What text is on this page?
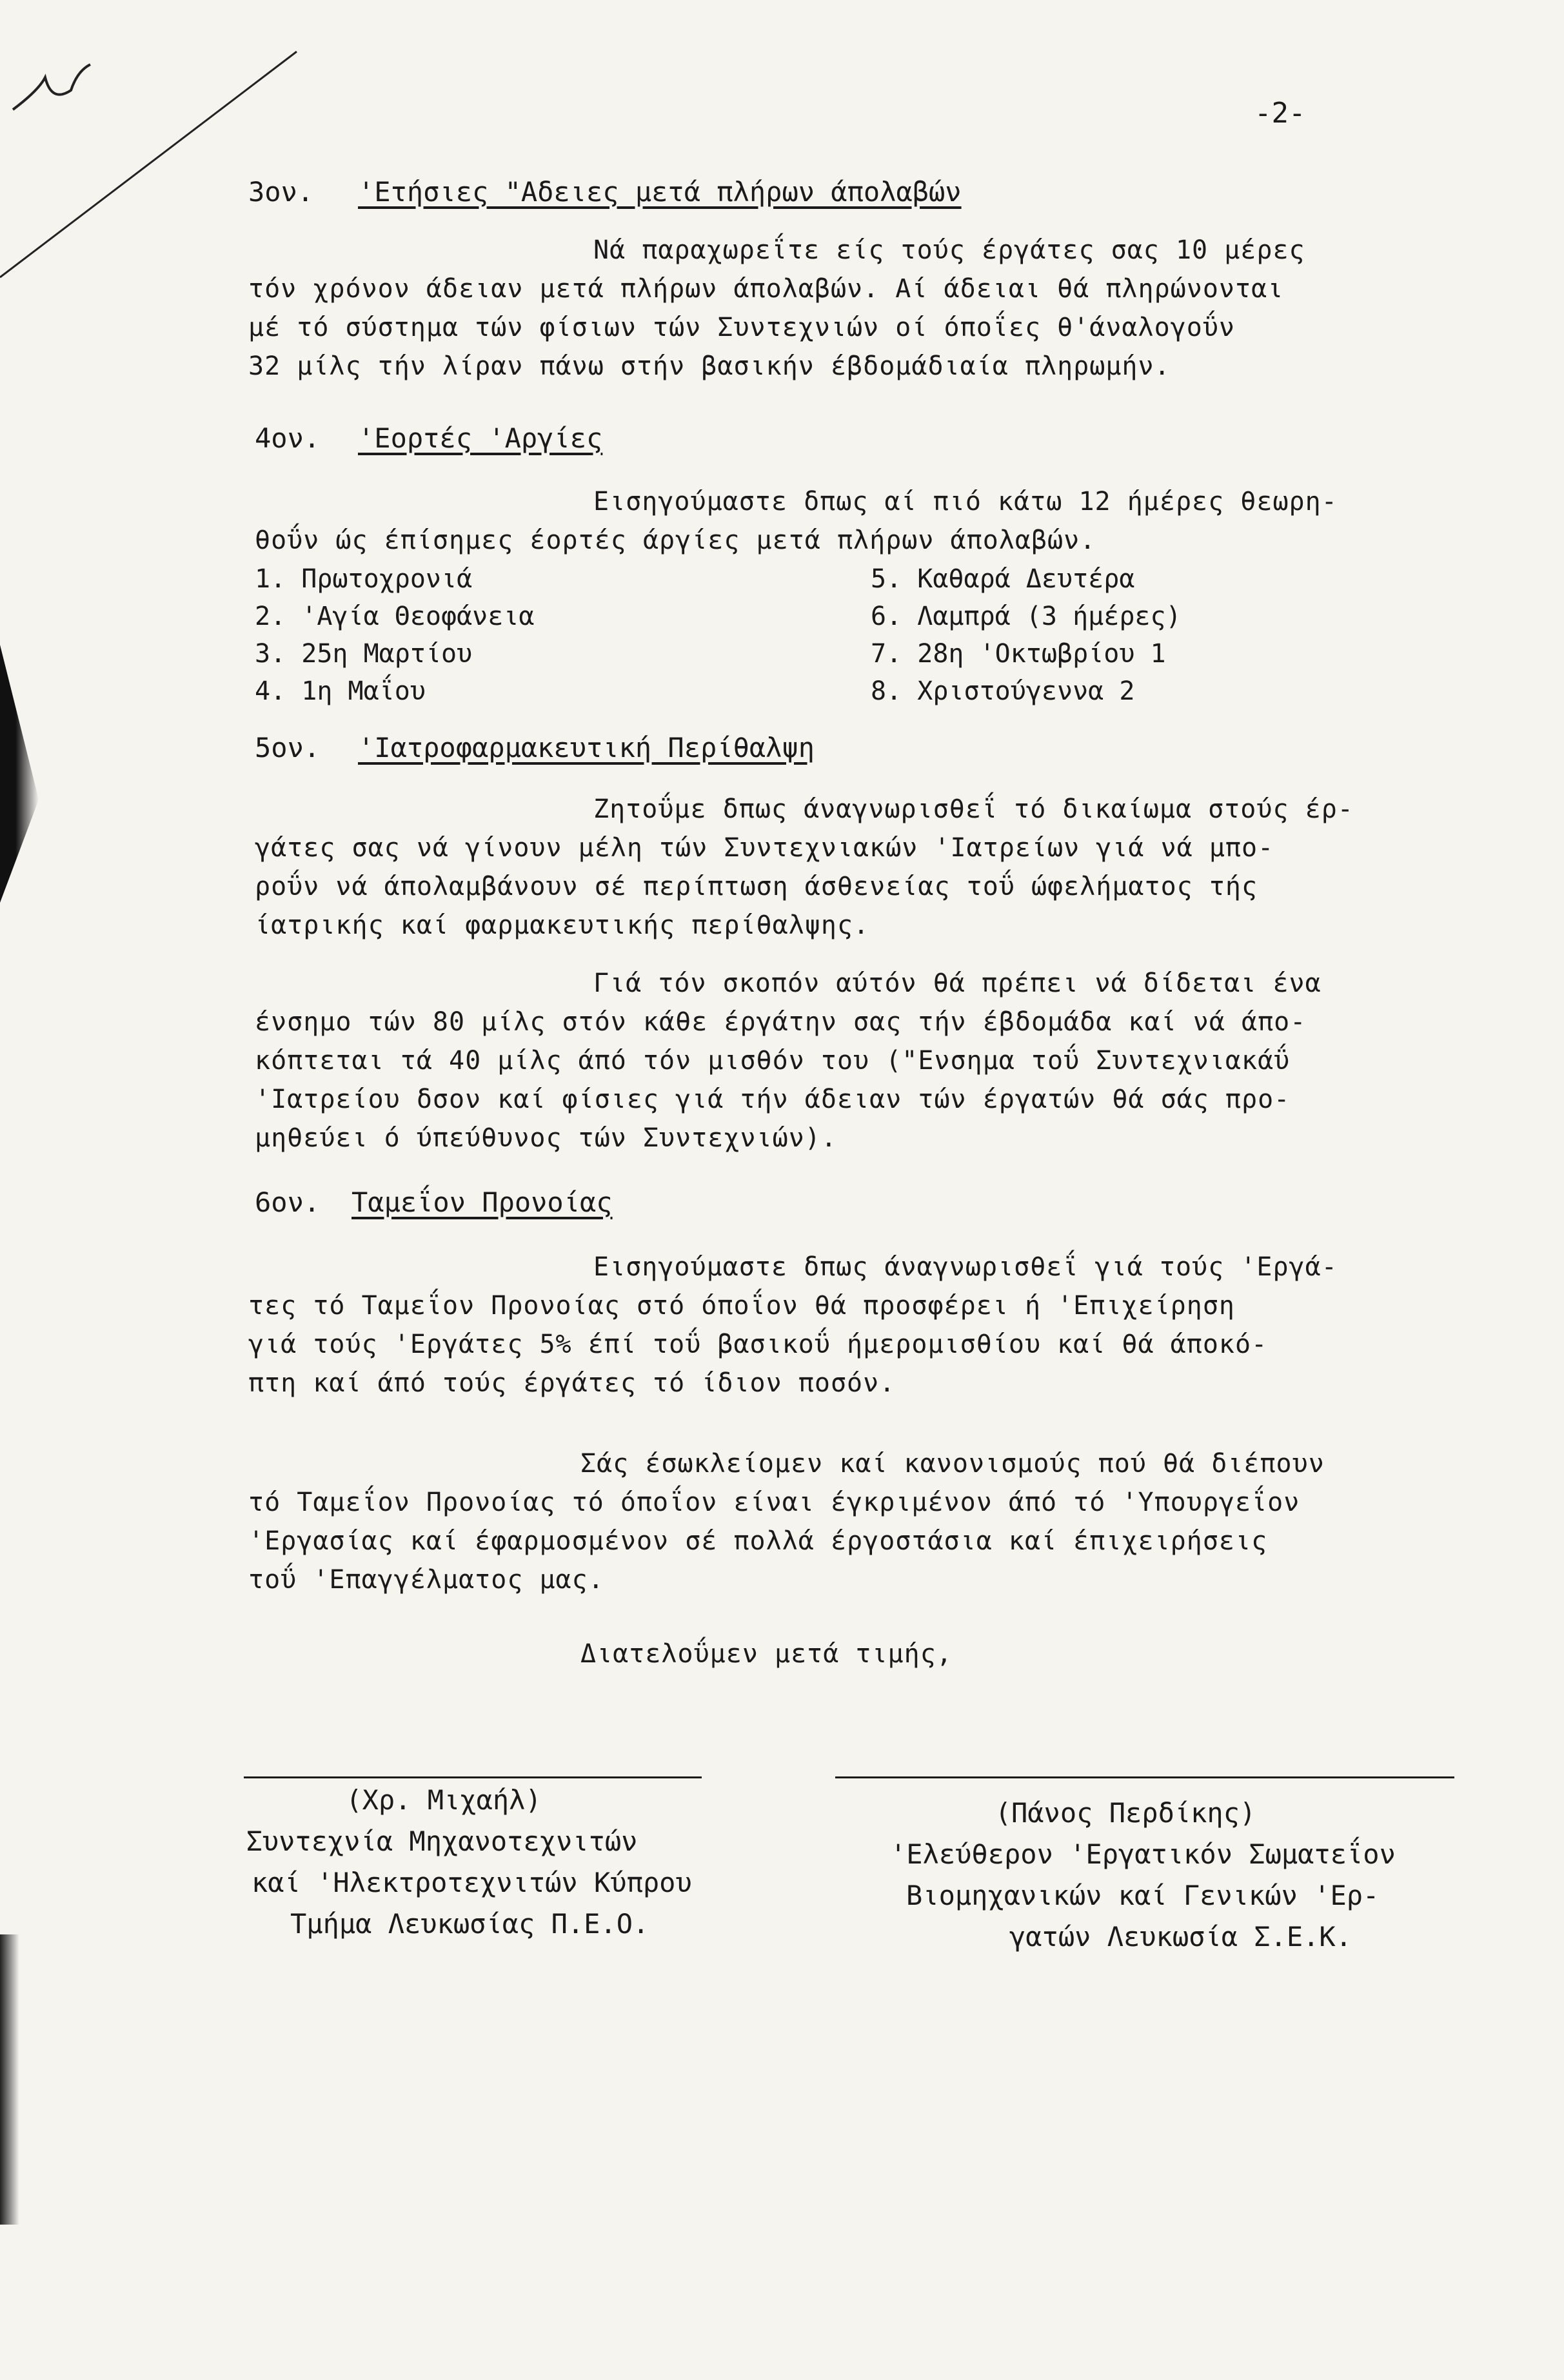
-2-
3ον. 'Ετήσιες "Αδειες μετά πλήρων άπολαβών
Νά παραχωρεΐτε είς τούς έργάτες σας 10 μέρες
τόν χρόνον άδειαν μετά πλήρων άπολαβών. Αί άδειαι θά πληρώνονται
μέ τό σύστημα τών φίσιων τών Συντεχνιών οί όποΐες θ'άναλογοΰν
32 μίλς τήν λίραν πάνω στήν βασικήν έβδομάδιαία πληρωμήν.
4ον. 'Εορτές 'Αργίες
Εισηγούμαστε δπως αί πιό κάτω 12 ήμέρες θεωρη-
θοΰν ώς έπίσημες έορτές άργίες μετά πλήρων άπολαβών.
1. Πρωτοχρονιά
2. 'Αγία Θεοφάνεια
3. 25η Μαρτίου
4. 1η Μαΐου
5. Καθαρά Δευτέρα
6. Λαμπρά (3 ήμέρες)
7. 28η 'Οκτωβρίου 1
8. Χριστούγεννα 2
5ον. 'Ιατροφαρμακευτική Περίθαλψη
Ζητοΰμε δπως άναγνωρισθεΐ τό δικαίωμα στούς έρ-
γάτες σας νά γίνουν μέλη τών Συντεχνιακών 'Ιατρείων γιά νά μπο-
ροΰν νά άπολαμβάνουν σέ περίπτωση άσθενείας τοΰ ώφελήματος τής
ίατρικής καί φαρμακευτικής περίθαλψης.
Γιά τόν σκοπόν αύτόν θά πρέπει νά δίδεται ένα
ένσημο τών 80 μίλς στόν κάθε έργάτην σας τήν έβδομάδα καί νά άπο-
κόπτεται τά 40 μίλς άπό τόν μισθόν του ("Ενσημα τοΰ Συντεχνιακάΰ
'Ιατρείου δσον καί φίσιες γιά τήν άδειαν τών έργατών θά σάς προ-
μηθεύει ό ύπεύθυνος τών Συντεχνιών).
6ον. Ταμεΐον Προνοίας
Εισηγούμαστε δπως άναγνωρισθεΐ γιά τούς 'Εργά-
τες τό Ταμεΐον Προνοίας στό όποΐον θά προσφέρει ή 'Επιχείρηση
γιά τούς 'Εργάτες 5% έπί τοΰ βασικοΰ ήμερομισθίου καί θά άποκό-
πτη καί άπό τούς έργάτες τό ίδιον ποσόν.
Σάς έσωκλείομεν καί κανονισμούς πού θά διέπουν
τό Ταμεΐον Προνοίας τό όποΐον είναι έγκριμένον άπό τό 'Υπουργεΐον
'Εργασίας καί έφαρμοσμένον σέ πολλά έργοστάσια καί έπιχειρήσεις
τοΰ 'Επαγγέλματος μας.
Διατελοΰμεν μετά τιμής,
(Χρ. Μιχαήλ)
Συντεχνία Μηχανοτεχνιτών
καί 'Ηλεκτροτεχνιτών Κύπρου
Τμήμα Λευκωσίας Π.Ε.Ο.
(Πάνος Περδίκης)
'Ελεύθερον 'Εργατικόν Σωματεΐον
Βιομηχανικών καί Γενικών 'Ερ-
γατών Λευκωσία Σ.Ε.Κ.
